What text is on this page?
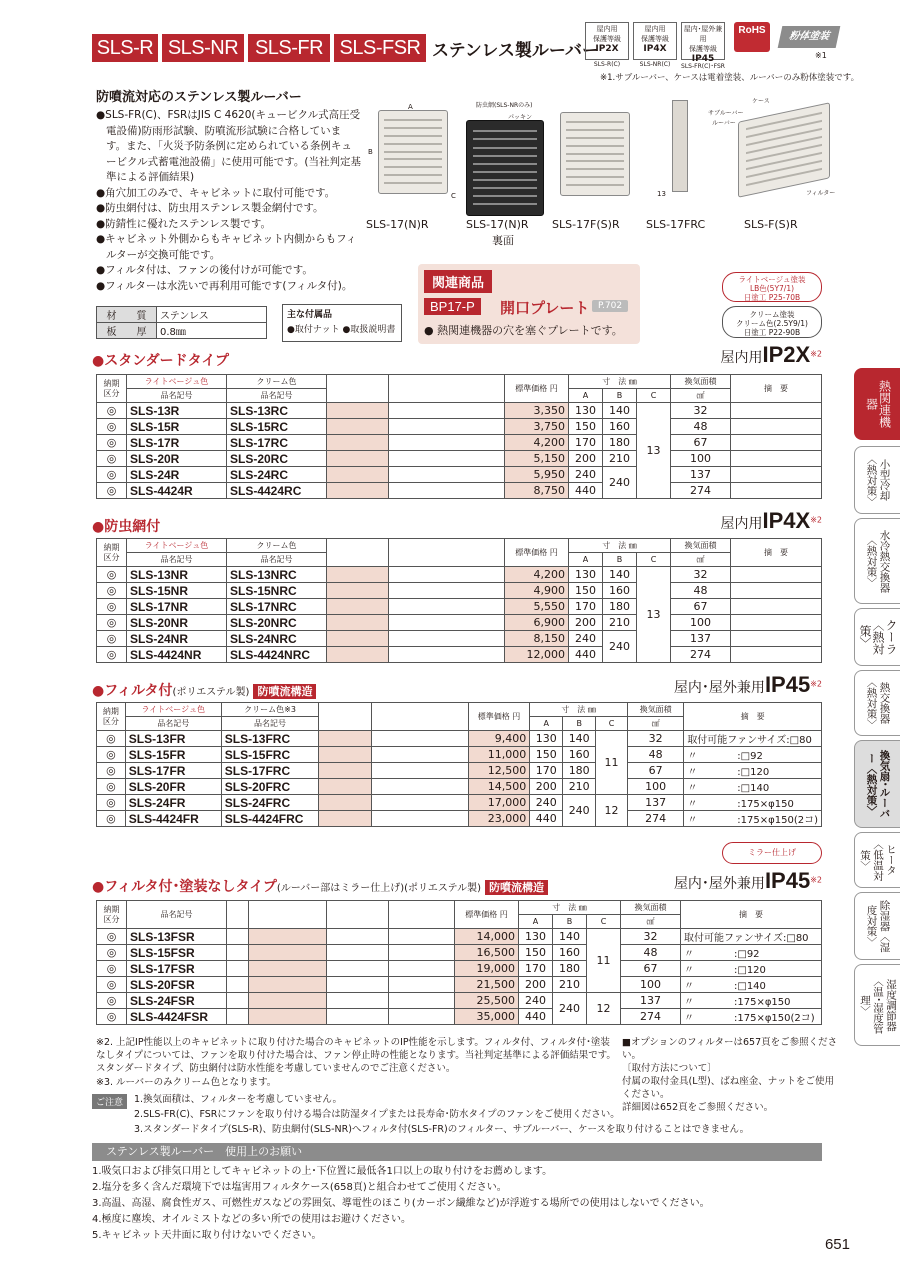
SLS-R SLS-NR SLS-FR SLS-FSR ステンレス製ルーバー
屋内用
保護等級
IP2X
SLS-R(C)
屋内用
保護等級
IP4X
SLS-NR(C)
屋内･屋外兼用
保護等級
IP45
SLS-FR(C)･FSR
RoHS
粉体塗装
※1
※1.サブルーバー、ケースは電着塗装、ルーバーのみ粉体塗装です。
防噴流対応のステンレス製ルーバー

●SLS-FR(C)、FSRはJIS C 4620(キュービクル式高圧受電設備)防雨形試験、防噴流形試験に合格しています。また、「火災予防条例に定められている条例キュービクル式蓄電池設備」に使用可能です。(当社判定基準による評価結果)

●角穴加工のみで、キャビネットに取付可能です。

●防虫網付は、防虫用ステンレス製金網付です。

●防錆性に優れたステンレス製です。

●キャビネット外側からもキャビネット内側からもフィルターが交換可能です。

●フィルタ付は、ファンの後付けが可能です。

●フィルターは水洗いで再利用可能です(フィルタ付)。

材　　質	ステンレス
板　　厚	0.8㎜
主な付属品
●取付ナット ●取扱説明書
SLS-17(N)R	SLS-17(N)R
裏面
SLS-17F(S)R SLS-17FRC	SLS-F(S)R
A
B
C	13
防虫網(SLS-NRのみ)
パッキン
ケース
サブルーバー
ルーバー
フィルター
関連商品
BP17-P	開口プレート P.702
● 熱関連機器の穴を塞ぐプレートです。
ライトベージュ塗装
LB色(5Y7/1)
日塗工 P25-70B
クリーム塗装
クリーム色(2.5Y9/1)
日塗工 P22-90B
●スタンダードタイプ	屋内用$IP2X^{※2}$
納期
区分	ライトベージュ色	クリーム色			標準価格 円	寸　法 ㎜			換気面積	摘　要
	品名記号	品名記号				A	B	C	㎠	
◎	SLS-13R	SLS-13RC			3,350	130	140	13	32	
◎	SLS-15R	SLS-15RC			3,750	150	160		48	
◎	SLS-17R	SLS-17RC			4,200	170	180		67	
◎	SLS-20R	SLS-20RC			5,150	200	210		100	
◎	SLS-24R	SLS-24RC			5,950	240	240		137	
◎	SLS-4424R	SLS-4424RC			8,750	440			274	
●防虫網付	屋内用$IP4X^{※2}$
納期
区分	ライトベージュ色	クリーム色			標準価格 円	寸　法 ㎜			換気面積	摘　要
	品名記号	品名記号				A	B	C	㎠	
◎	SLS-13NR	SLS-13NRC			4,200	130	140	13	32	
◎	SLS-15NR	SLS-15NRC			4,900	150	160		48	
◎	SLS-17NR	SLS-17NRC			5,550	170	180		67	
◎	SLS-20NR	SLS-20NRC			6,900	200	210		100	
◎	SLS-24NR	SLS-24NRC			8,150	240	240		137	
◎	SLS-4424NR	SLS-4424NRC			12,000	440			274	
●フィルタ付(ポリエステル製) 防噴流構造	屋内･屋外兼用IP45$^{※2}$
納期
区分	ライトベージュ色	クリーム色※3			標準価格 円	寸　法 ㎜			換気面積	摘　要
	品名記号	品名記号				A	B	C	㎠	
◎	SLS-13FR	SLS-13FRC			9,400	130	140	11	32	取付可能ファンサイズ:□80
◎	SLS-15FR	SLS-15FRC			11,000	150	160		48	〃　　　　:□92
◎	SLS-17FR	SLS-17FRC			12,500	170	180		67	〃　　　　:□120
◎	SLS-20FR	SLS-20FRC			14,500	200	210		100	〃　　　　:□140
◎	SLS-24FR	SLS-24FRC			17,000	240	240	12	137	〃　　　　:175×φ150
◎	SLS-4424FR	SLS-4424FRC			23,000	440			274	〃　　　　:175×φ150(2コ)
●フィルタ付･塗装なしタイプ(ルーバー部はミラー仕上げ)(ポリエステル製) 防噴流構造	屋内･屋外兼用IP45$^{※2}$
納期
区分	品名記号					標準価格 円	寸　法 ㎜			換気面積	摘　要
							A	B	C	㎠	
◎	SLS-13FSR					14,000	130	140	11	32	取付可能ファンサイズ:□80
◎	SLS-15FSR					16,500	150	160		48	〃　　　　:□92
◎	SLS-17FSR					19,000	170	180		67	〃　　　　:□120
◎	SLS-20FSR					21,500	200	210		100	〃　　　　:□140
◎	SLS-24FSR					25,500	240	240	12	137	〃　　　　:175×φ150
◎	SLS-4424FSR					35,000	440			274	〃　　　　:175×φ150(2コ)
ミラー仕上げ
※2. 上記IP性能以上のキャビネットに取り付けた場合のキャビネットのIP性能を示します。フィルタ付、フィルタ付･塗装なしタイプについては、ファンを取り付けた場合は、ファン停止時の性能となります。当社判定基準による評価結果です。スタンダードタイプ、防虫網付は防水性能を考慮していませんのでご注意ください。
※3. ルーバーのみクリーム色となります。
■オプションのフィルターは657頁をご参照ください。
〔取付方法について〕
付属の取付金具(L型)、ばね座金、ナットをご使用ください。
詳細図は652頁をご参照ください。
ご注意	1.換気面積は、フィルターを考慮していません。
2.SLS-FR(C)、FSRにファンを取り付ける場合は防湿タイプまたは長寿命･防水タイプのファンをご使用ください。
3.スタンダードタイプ(SLS-R)、防虫網付(SLS-NR)へフィルタ付(SLS-FR)のフィルター、サブルーバー、ケースを取り付けることはできません。
ステンレス製ルーバー　使用上のお願い
1.吸気口および排気口用としてキャビネットの上･下位置に最低各1口以上の取り付けをお薦めします。
2.塩分を多く含んだ環境下では塩害用フィルタケース(658頁)と組合わせてご使用ください。
3.高温、高湿、腐食性ガス、可燃性ガスなどの雰囲気、導電性のほこり(カーボン繊維など)が浮遊する場所での使用はしないでください。
4.極度に塵埃、オイルミストなどの多い所での使用はお避けください。
5.キャビネット天井面に取り付けないでください。
651
熱関連機器
小型冷却〈熱対策〉
水冷熱交換器〈熱対策〉
クーラ〈熱対策〉
熱交換器〈熱対策〉
換気扇･ルーバー〈熱対策〉
ヒータ〈低温対策〉
除湿器〈湿度対策〉
湿度調節器〈温･湿度管理〉
